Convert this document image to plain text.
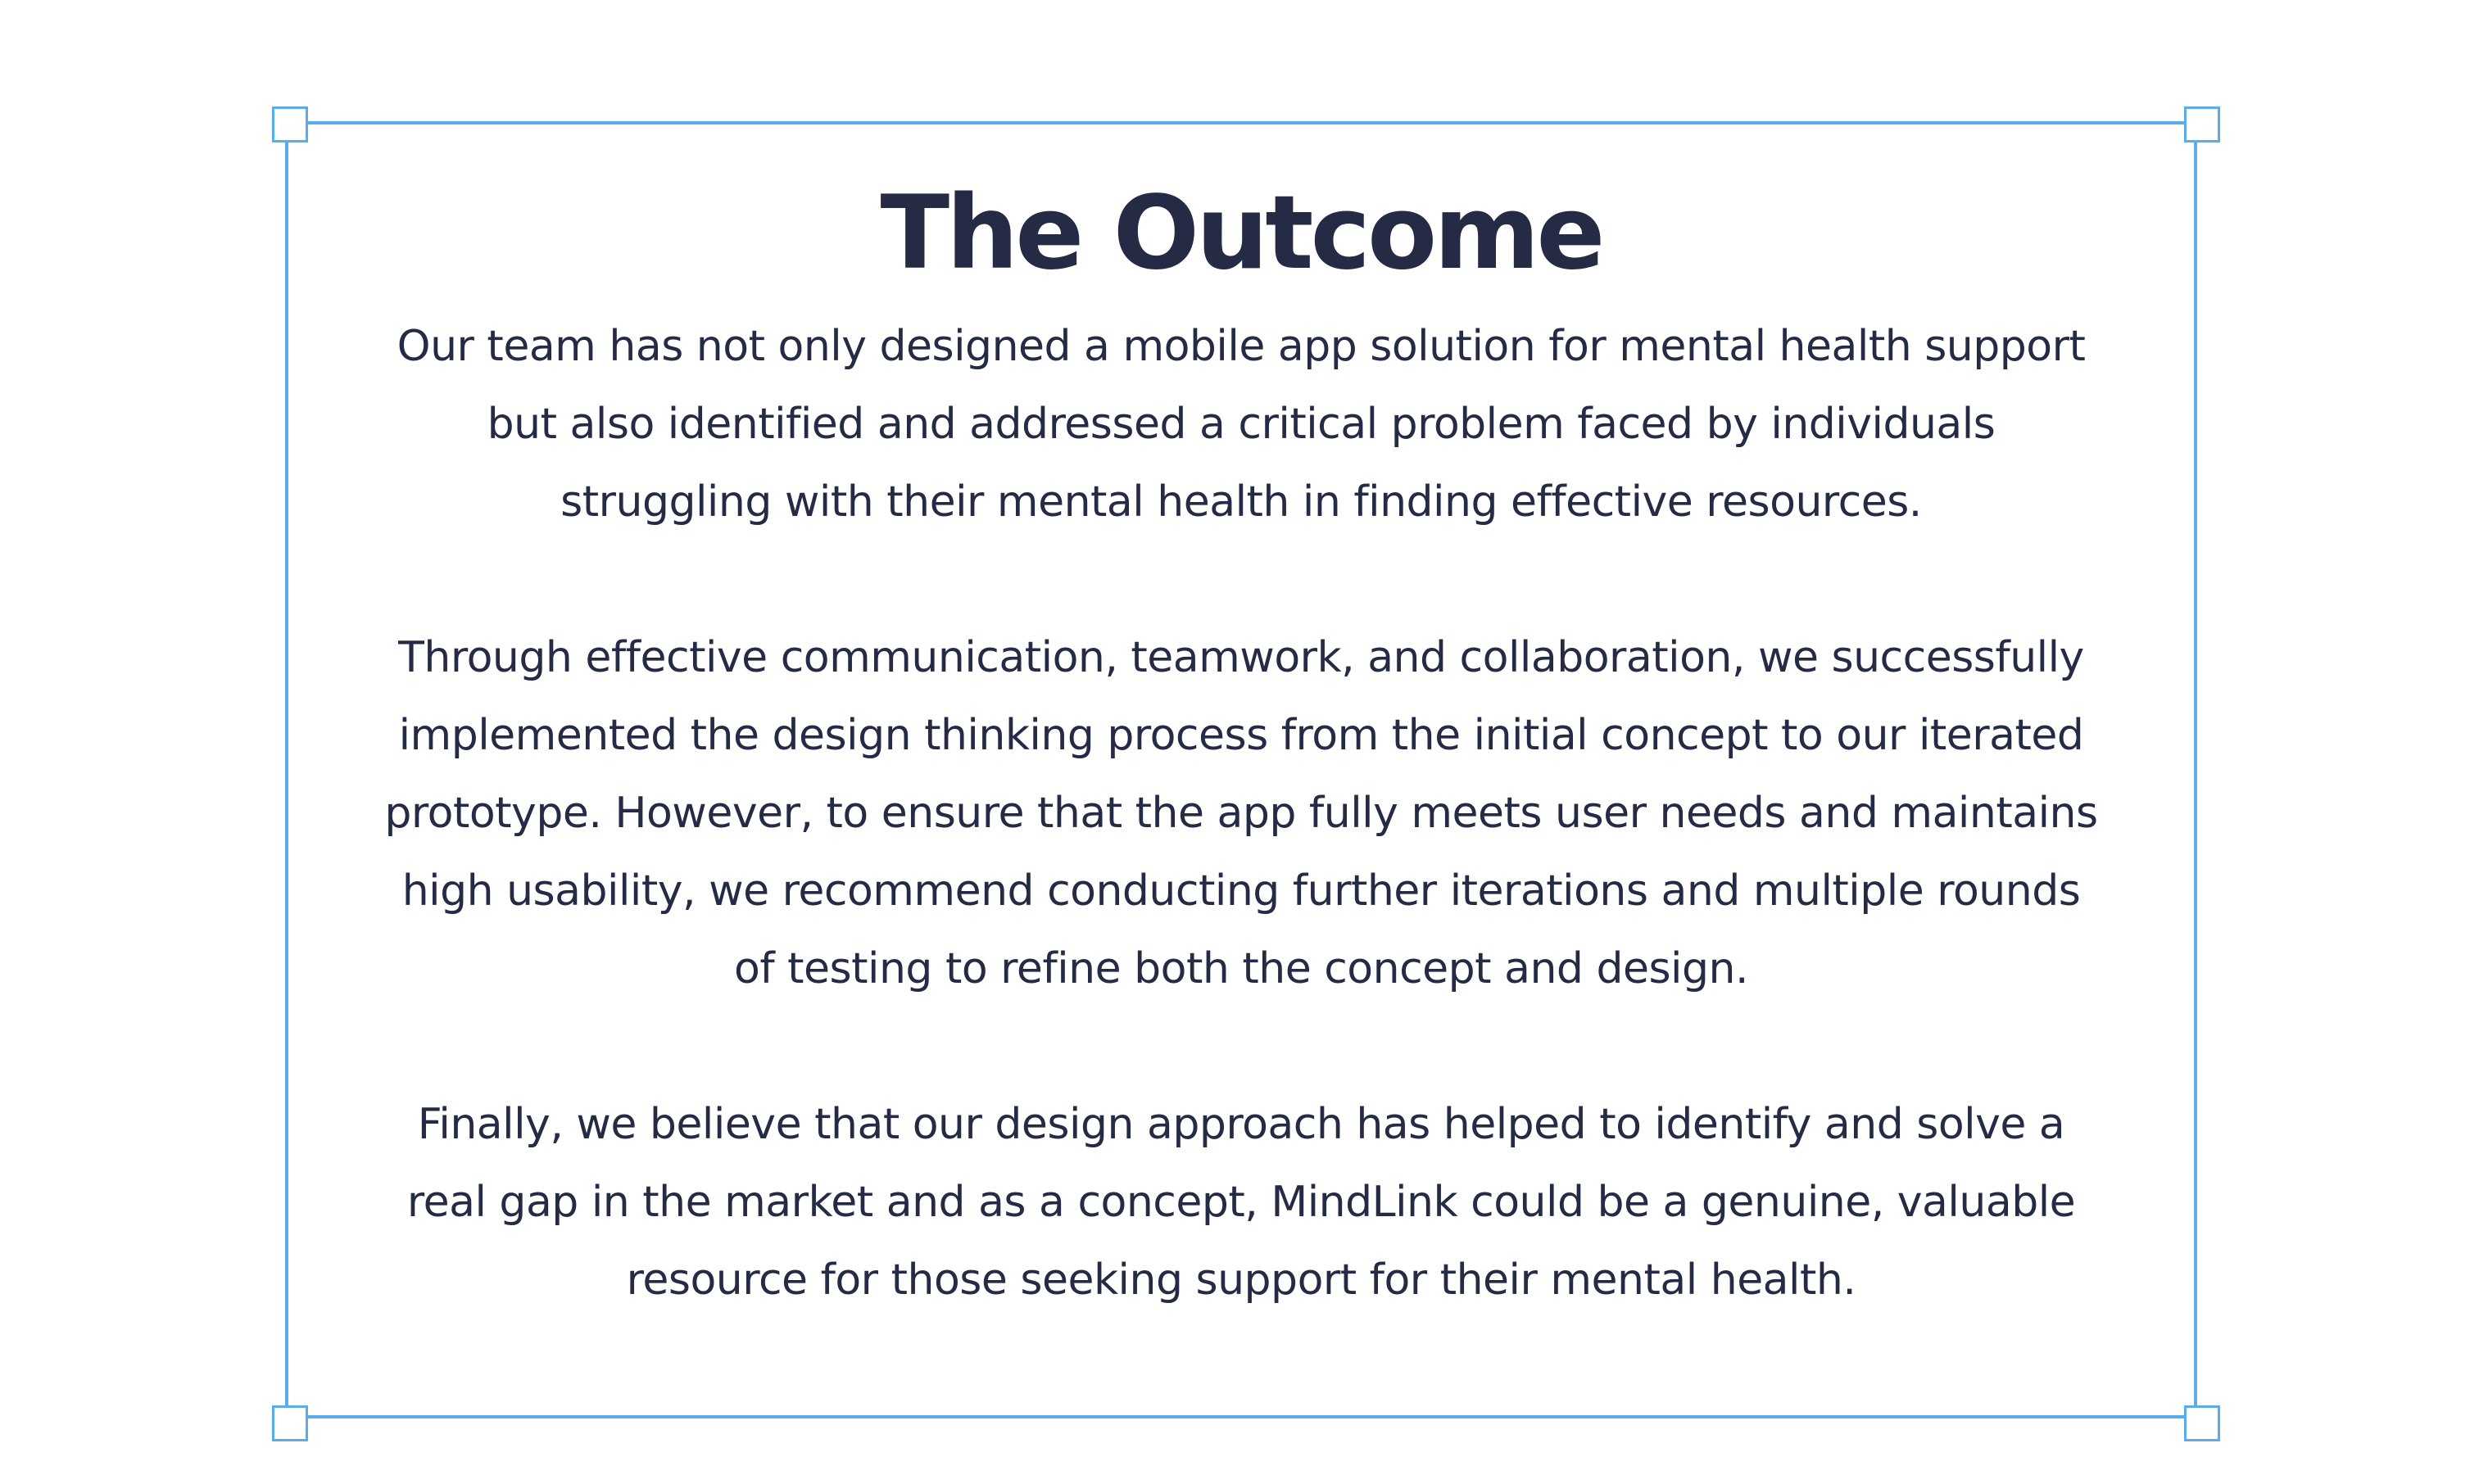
The Outcome

Our team has not only designed a mobile app solution for mental health support but also identified and addressed a critical problem faced by individuals struggling with their mental health in finding effective resources.

Through effective communication, teamwork, and collaboration, we successfully implemented the design thinking process from the initial concept to our iterated prototype. However, to ensure that the app fully meets user needs and maintains high usability, we recommend conducting further iterations and multiple rounds of testing to refine both the concept and design.

Finally, we believe that our design approach has helped to identify and solve a real gap in the market and as a concept, MindLink could be a genuine, valuable resource for those seeking support for their mental health.
